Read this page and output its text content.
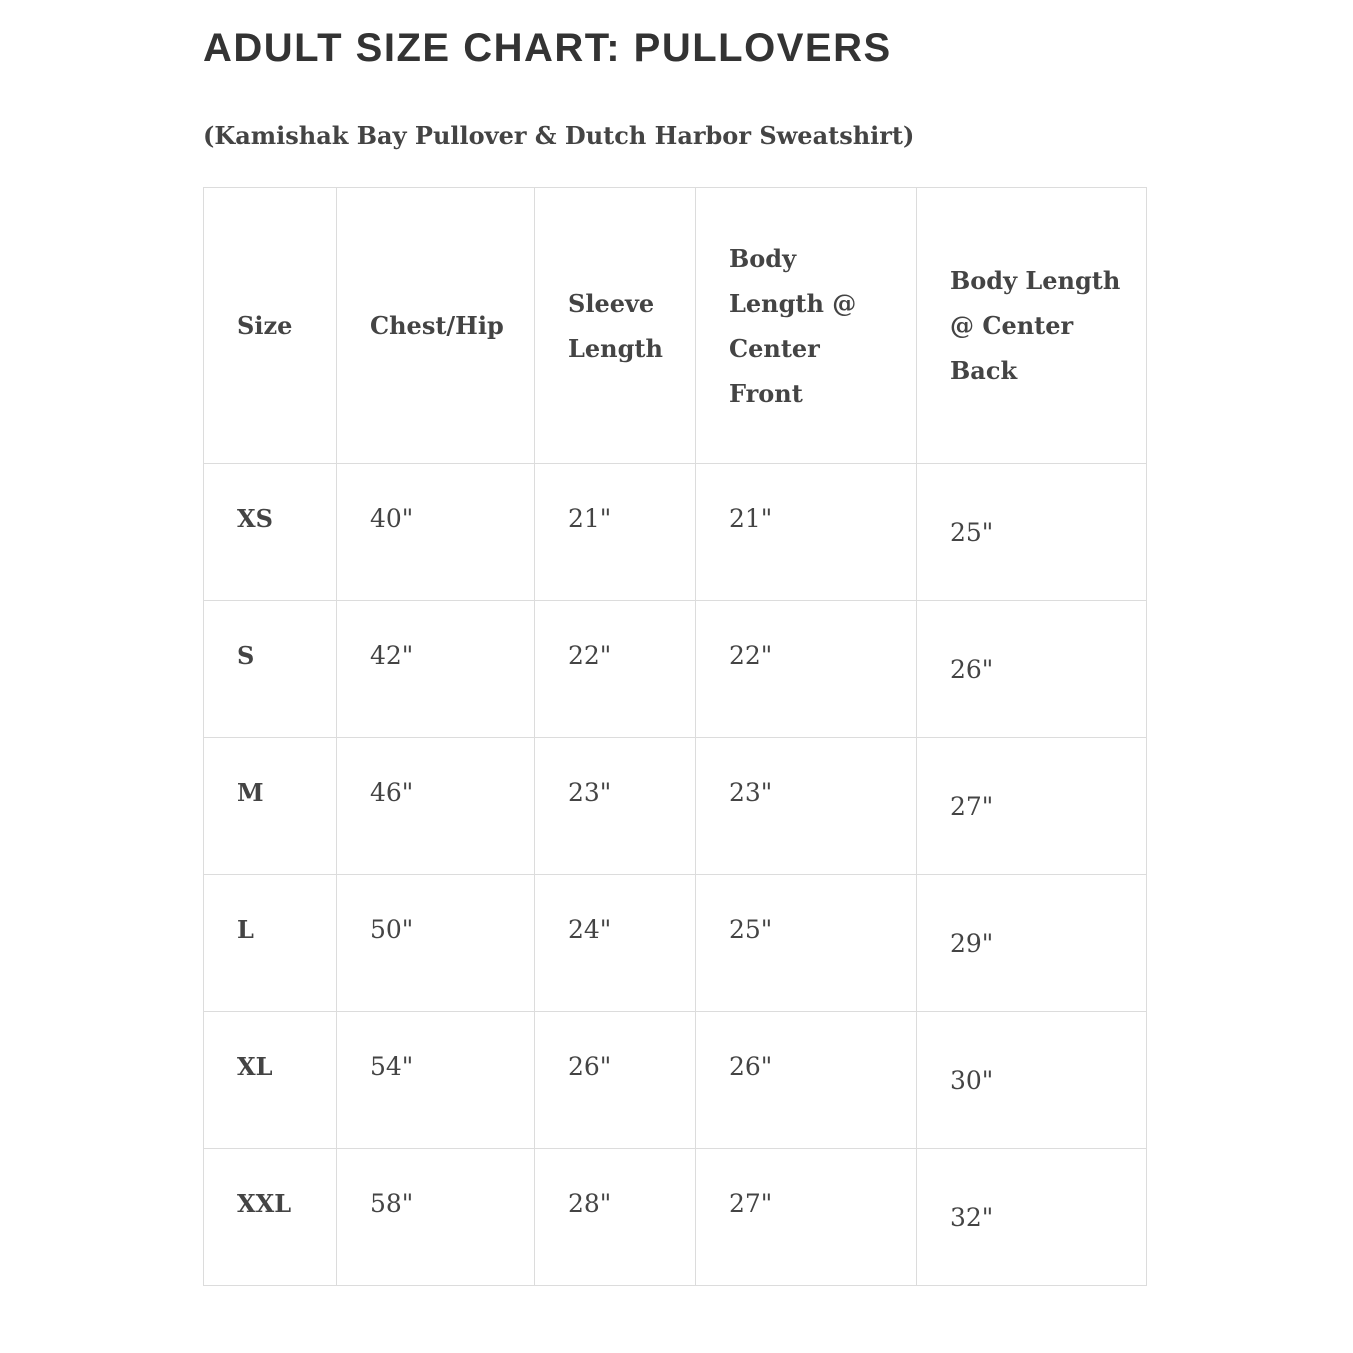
ADULT SIZE CHART: PULLOVERS

(Kamishak Bay Pullover & Dutch Harbor Sweatshirt)

Size	Chest/Hip	Sleeve Length	Body Length @ Center Front	Body Length @ Center Back
XS	40"	21"	21"	25"
S	42"	22"	22"	26"
M	46"	23"	23"	27"
L	50"	24"	25"	29"
XL	54"	26"	26"	30"
XXL	58"	28"	27"	32"
